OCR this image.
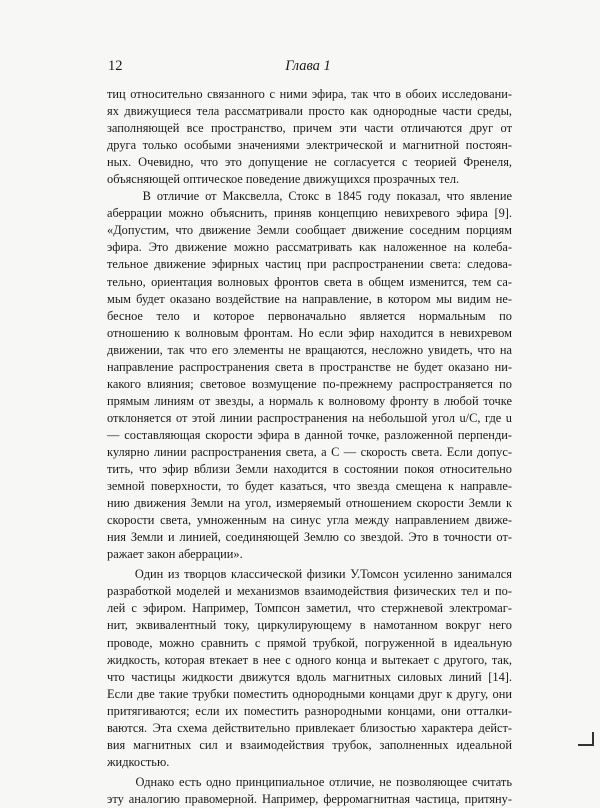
12	Глава 1
тиц относительно связанного с ними эфира, так что в обоих исследовани-
ях движущиеся тела рассматривали просто как однородные части среды,
заполняющей все пространство, причем эти части отличаются друг от
друга только особыми значениями электрической и магнитной постоян-
ных. Очевидно, что это допущение не согласуется с теорией Френеля,
объясняющей оптическое поведение движущихся прозрачных тел.
В отличие от Максвелла, Стокс в 1845 году показал, что явление
аберрации можно объяснить, приняв концепцию невихревого эфира [9].
«Допустим, что движение Земли сообщает движение соседним порциям
эфира. Это движение можно рассматривать как наложенное на колеба-
тельное движение эфирных частиц при распространении света: следова-
тельно, ориентация волновых фронтов света в общем изменится, тем са-
мым будет оказано воздействие на направление, в котором мы видим не-
бесное тело и которое первоначально является нормальным по
отношению к волновым фронтам. Но если эфир находится в невихревом
движении, так что его элементы не вращаются, несложно увидеть, что на
направление распространения света в пространстве не будет оказано ни-
какого влияния; световое возмущение по-прежнему распространяется по
прямым линиям от звезды, а нормаль к волновому фронту в любой точке
отклоняется от этой линии распространения на небольшой угол u/C, где u
— составляющая скорости эфира в данной точке, разложенной перпенди-
кулярно линии распространения света, а C — скорость света. Если допус-
тить, что эфир вблизи Земли находится в состоянии покоя относительно
земной поверхности, то будет казаться, что звезда смещена к направле-
нию движения Земли на угол, измеряемый отношением скорости Земли к
скорости света, умноженным на синус угла между направлением движе-
ния Земли и линией, соединяющей Землю со звездой. Это в точности от-
ражает закон аберрации».
Один из творцов классической физики У.Томсон усиленно занимался
разработкой моделей и механизмов взаимодействия физических тел и по-
лей с эфиром. Например, Томпсон заметил, что стержневой электромаг-
нит, эквивалентный току, циркулирующему в намотанном вокруг него
проводе, можно сравнить с прямой трубкой, погруженной в идеальную
жидкость, которая втекает в нее с одного конца и вытекает с другого, так,
что частицы жидкости движутся вдоль магнитных силовых линий [14].
Если две такие трубки поместить однородными концами друг к другу, они
притягиваются; если их поместить разнородными концами, они отталки-
ваются. Эта схема действительно привлекает близостью характера дейст-
вия магнитных сил и взаимодействия трубок, заполненных идеальной
жидкостью.
Однако есть одно принципиальное отличие, не позволяющее считать
эту аналогию правомерной. Например, ферромагнитная частица, притяну-
